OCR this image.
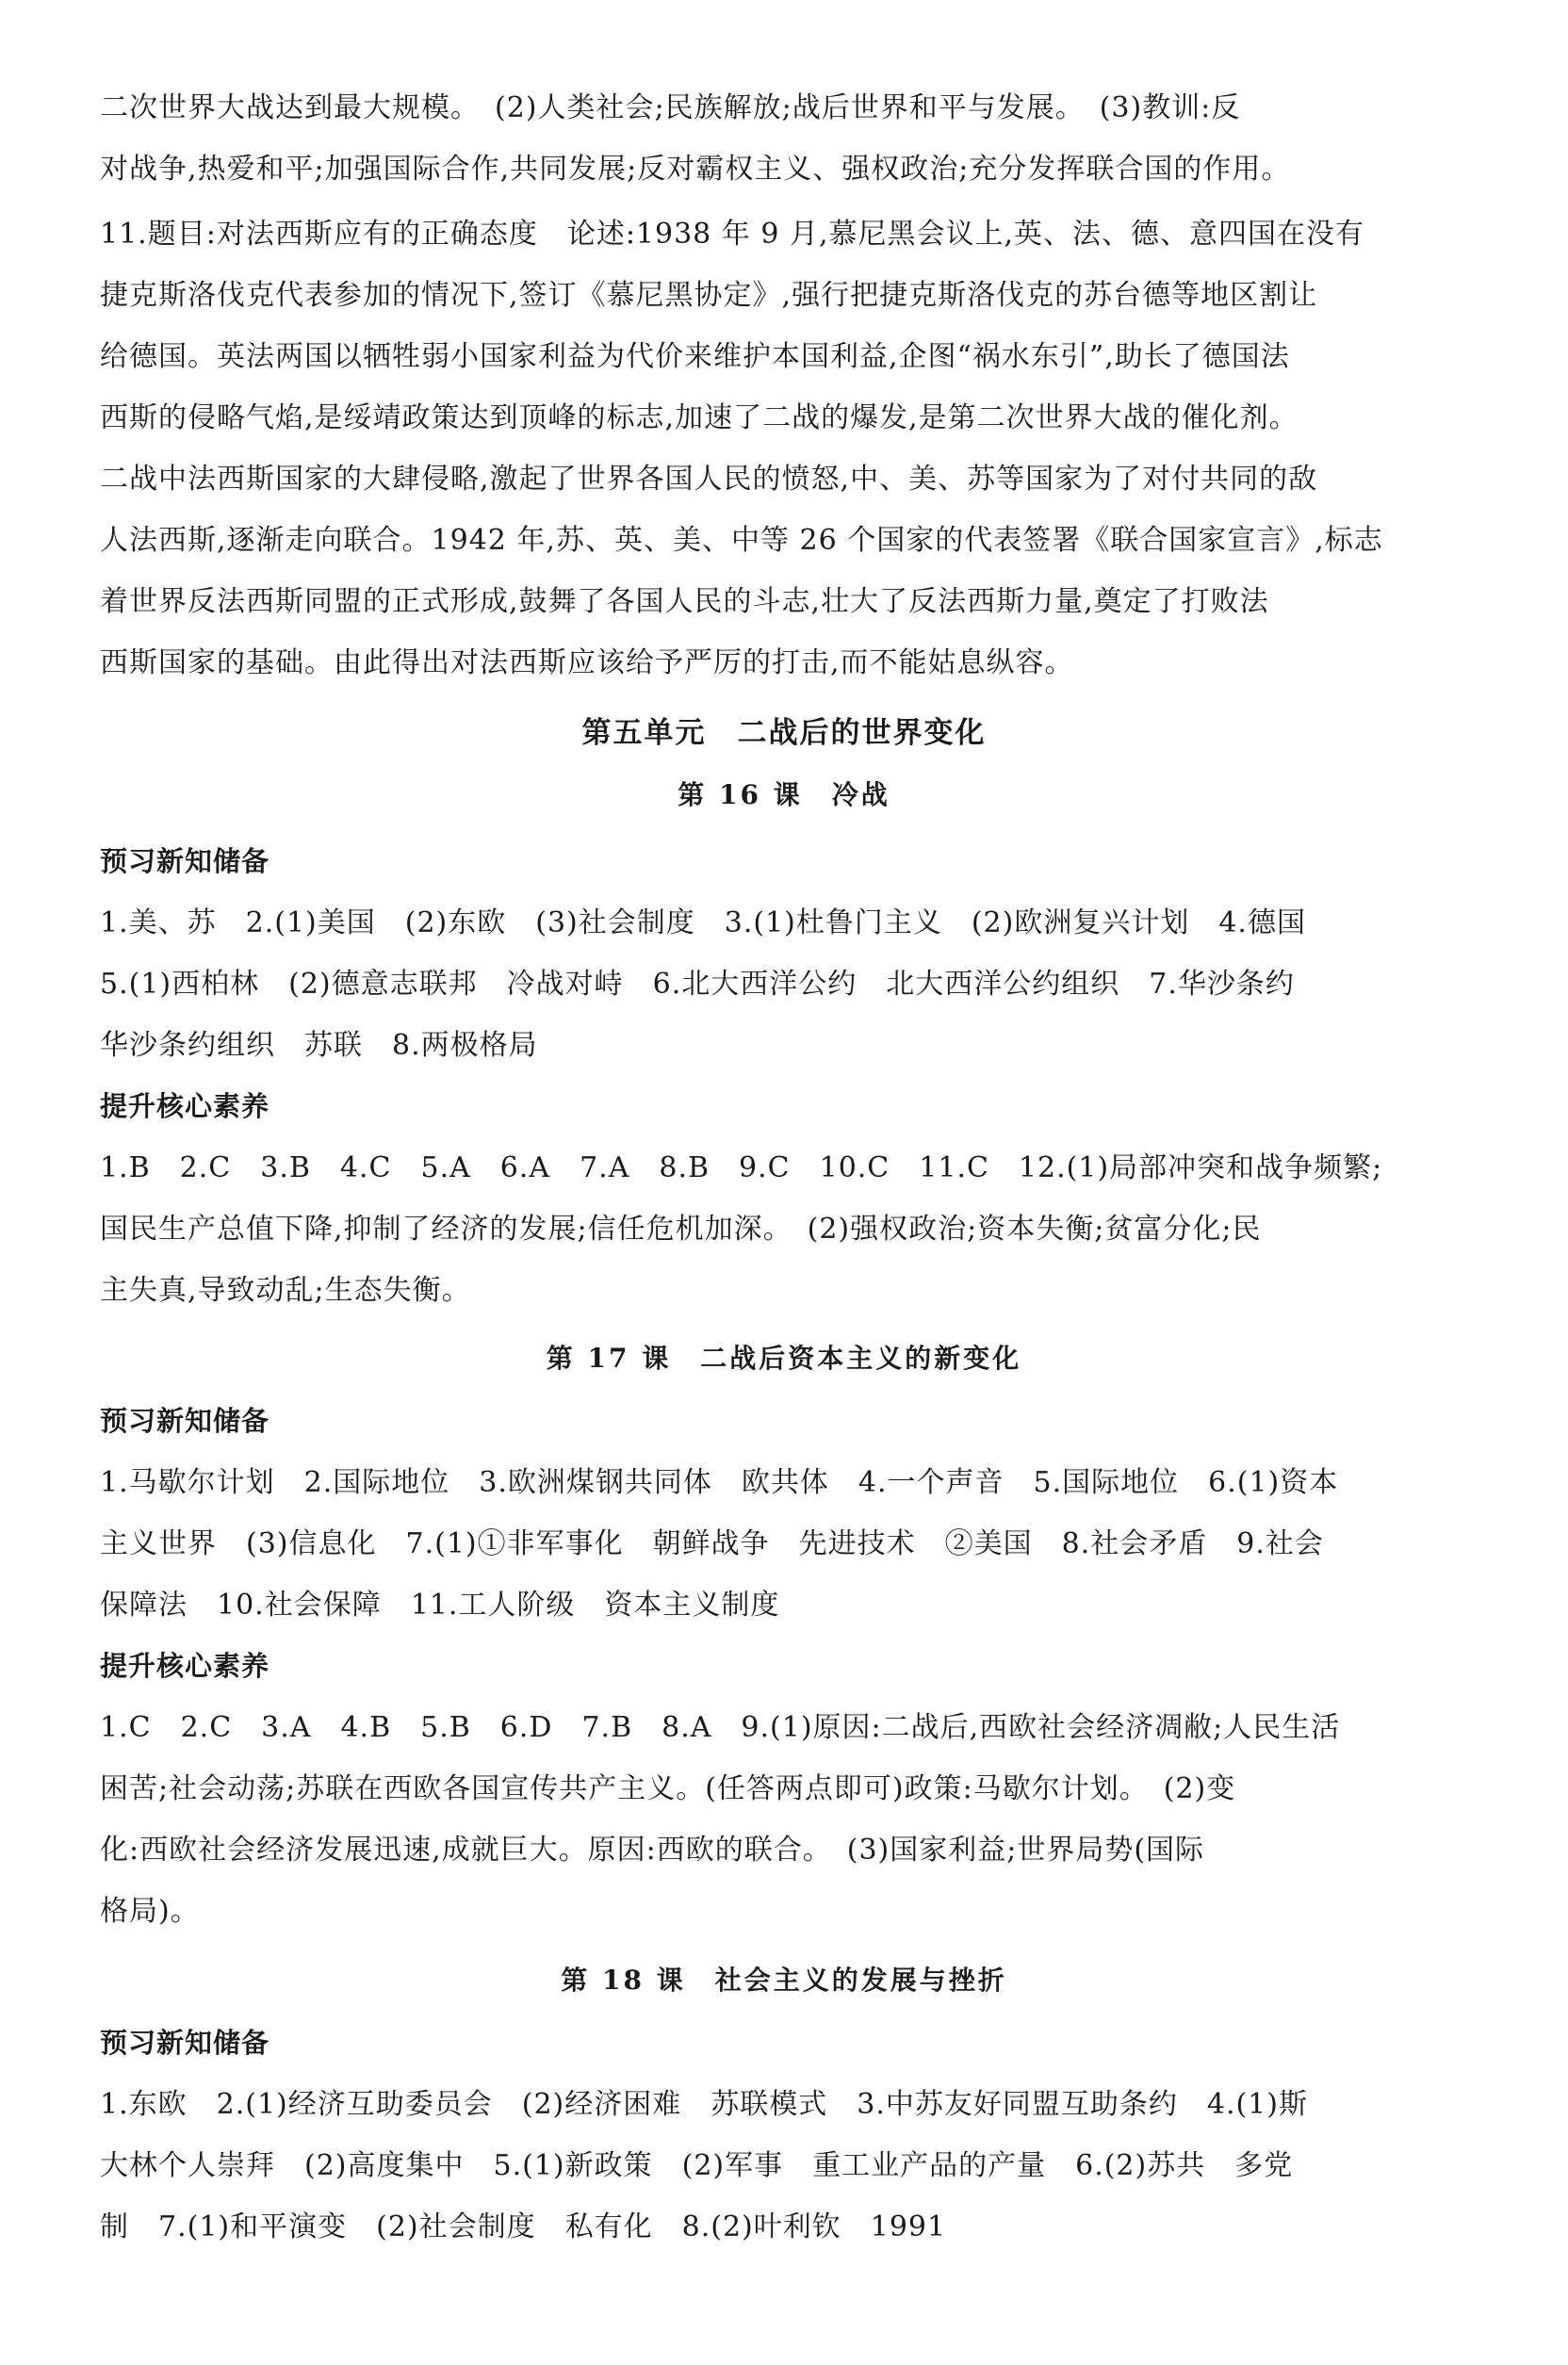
二次世界大战达到最大规模。　(2)人类社会;民族解放;战后世界和平与发展。　(3)教训:反
对战争,热爱和平;加强国际合作,共同发展;反对霸权主义、强权政治;充分发挥联合国的作用。
11.题目:对法西斯应有的正确态度　论述:1938 年 9 月,慕尼黑会议上,英、法、德、意四国在没有
捷克斯洛伐克代表参加的情况下,签订《慕尼黑协定》,强行把捷克斯洛伐克的苏台德等地区割让
给德国。英法两国以牺牲弱小国家利益为代价来维护本国利益,企图“祸水东引”,助长了德国法
西斯的侵略气焰,是绥靖政策达到顶峰的标志,加速了二战的爆发,是第二次世界大战的催化剂。
二战中法西斯国家的大肆侵略,激起了世界各国人民的愤怒,中、美、苏等国家为了对付共同的敌
人法西斯,逐渐走向联合。1942 年,苏、英、美、中等 26 个国家的代表签署《联合国家宣言》,标志
着世界反法西斯同盟的正式形成,鼓舞了各国人民的斗志,壮大了反法西斯力量,奠定了打败法
西斯国家的基础。由此得出对法西斯应该给予严厉的打击,而不能姑息纵容。
第五单元　二战后的世界变化
第 16 课　冷战
预习新知储备
1.美、苏　2.(1)美国　(2)东欧　(3)社会制度　3.(1)杜鲁门主义　(2)欧洲复兴计划　4.德国
5.(1)西柏林　(2)德意志联邦　冷战对峙　6.北大西洋公约　北大西洋公约组织　7.华沙条约
华沙条约组织　苏联　8.两极格局
提升核心素养
1.B　2.C　3.B　4.C　5.A　6.A　7.A　8.B　9.C　10.C　11.C　12.(1)局部冲突和战争频繁;
国民生产总值下降,抑制了经济的发展;信任危机加深。　(2)强权政治;资本失衡;贫富分化;民
主失真,导致动乱;生态失衡。
第 17 课　二战后资本主义的新变化
预习新知储备
1.马歇尔计划　2.国际地位　3.欧洲煤钢共同体　欧共体　4.一个声音　5.国际地位　6.(1)资本
主义世界　(3)信息化　7.(1)①非军事化　朝鲜战争　先进技术　②美国　8.社会矛盾　9.社会
保障法　10.社会保障　11.工人阶级　资本主义制度
提升核心素养
1.C　2.C　3.A　4.B　5.B　6.D　7.B　8.A　9.(1)原因:二战后,西欧社会经济凋敝;人民生活
困苦;社会动荡;苏联在西欧各国宣传共产主义。(任答两点即可)政策:马歇尔计划。　(2)变
化:西欧社会经济发展迅速,成就巨大。原因:西欧的联合。　(3)国家利益;世界局势(国际
格局)。
第 18 课　社会主义的发展与挫折
预习新知储备
1.东欧　2.(1)经济互助委员会　(2)经济困难　苏联模式　3.中苏友好同盟互助条约　4.(1)斯
大林个人崇拜　(2)高度集中　5.(1)新政策　(2)军事　重工业产品的产量　6.(2)苏共　多党
制　7.(1)和平演变　(2)社会制度　私有化　8.(2)叶利钦　1991
